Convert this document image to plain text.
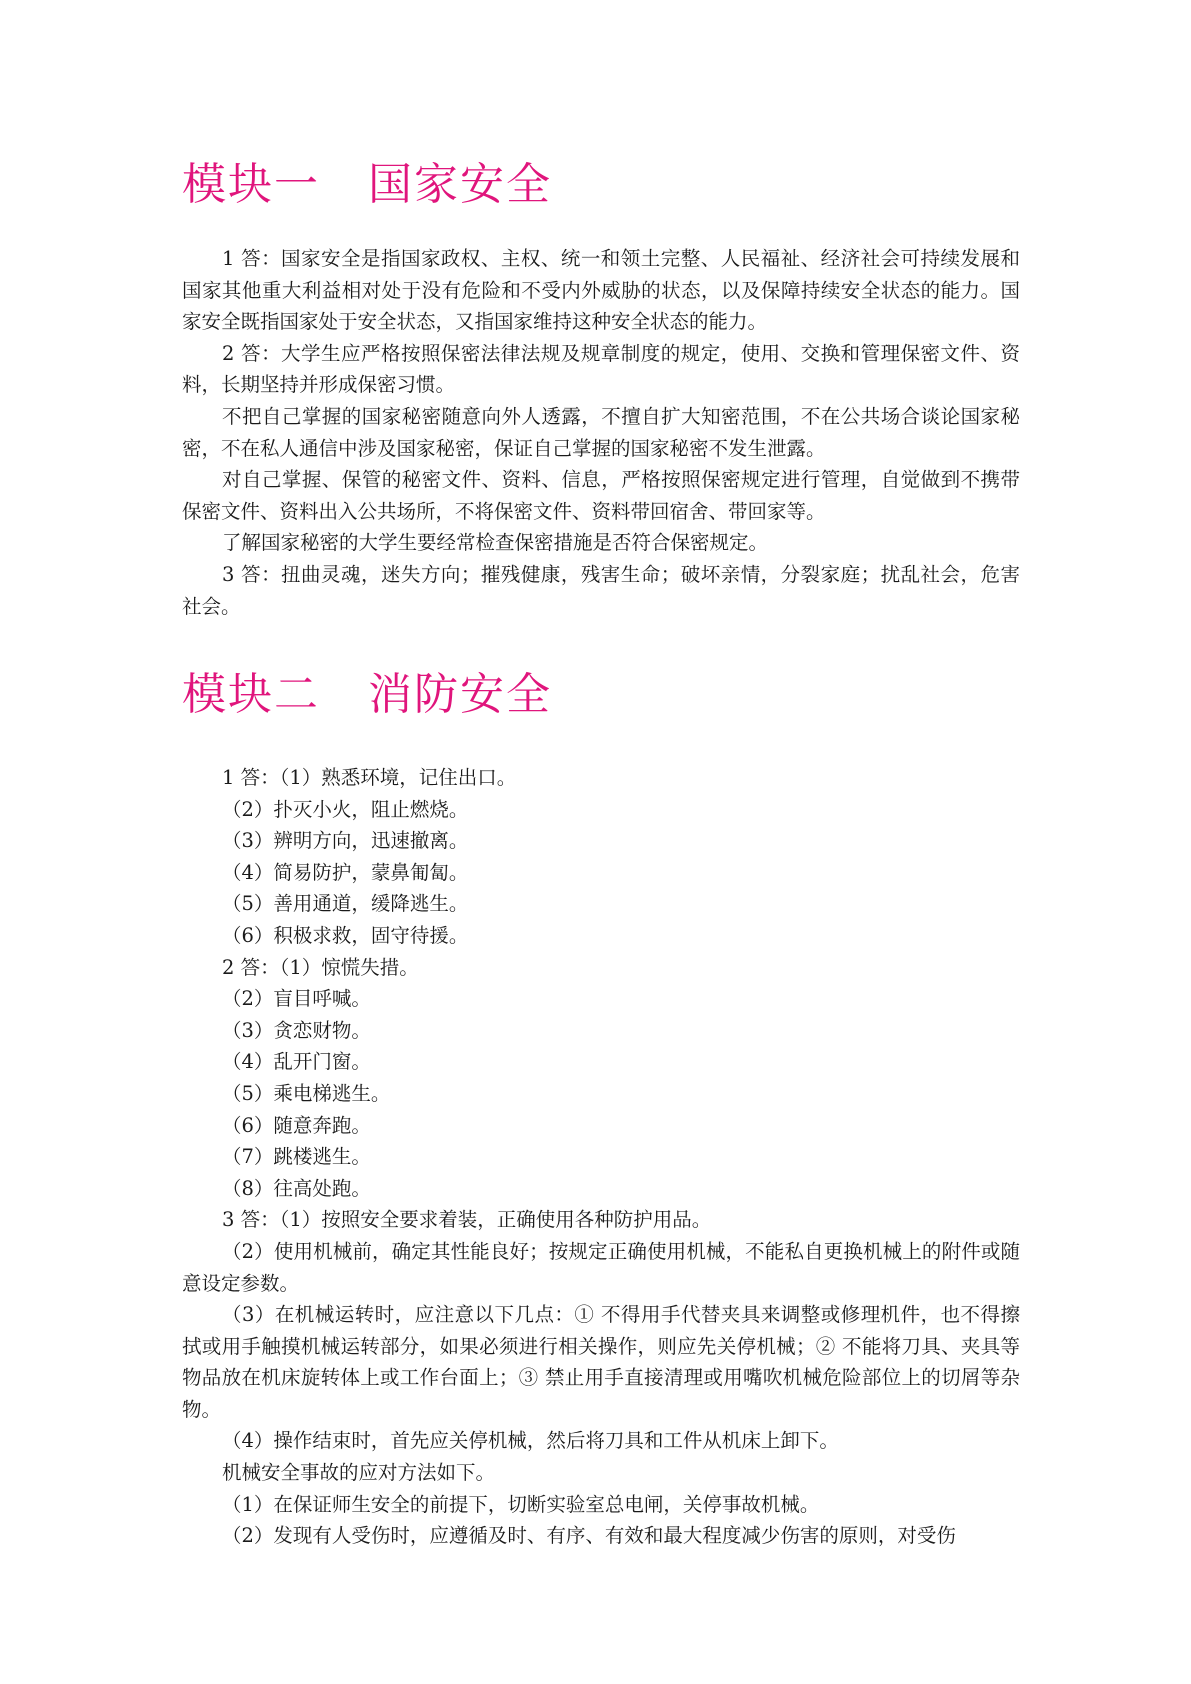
模块一 国家安全

1 答：国家安全是指国家政权、主权、统一和领土完整、人民福祉、经济社会可持续发展和国家其他重大利益相对处于没有危险和不受内外威胁的状态，以及保障持续安全状态的能力。国家安全既指国家处于安全状态，又指国家维持这种安全状态的能力。

2 答：大学生应严格按照保密法律法规及规章制度的规定，使用、交换和管理保密文件、资料，长期坚持并形成保密习惯。

不把自己掌握的国家秘密随意向外人透露，不擅自扩大知密范围，不在公共场合谈论国家秘密，不在私人通信中涉及国家秘密，保证自己掌握的国家秘密不发生泄露。

对自己掌握、保管的秘密文件、资料、信息，严格按照保密规定进行管理，自觉做到不携带保密文件、资料出入公共场所，不将保密文件、资料带回宿舍、带回家等。

了解国家秘密的大学生要经常检查保密措施是否符合保密规定。

3 答：扭曲灵魂，迷失方向；摧残健康，残害生命；破坏亲情，分裂家庭；扰乱社会，危害社会。

模块二 消防安全

1 答：（1）熟悉环境，记住出口。

（2）扑灭小火，阻止燃烧。

（3）辨明方向，迅速撤离。

（4）简易防护，蒙鼻匍匐。

（5）善用通道，缓降逃生。

（6）积极求救，固守待援。

2 答：（1）惊慌失措。

（2）盲目呼喊。

（3）贪恋财物。

（4）乱开门窗。

（5）乘电梯逃生。

（6）随意奔跑。

（7）跳楼逃生。

（8）往高处跑。

3 答：（1）按照安全要求着装，正确使用各种防护用品。

（2）使用机械前，确定其性能良好；按规定正确使用机械，不能私自更换机械上的附件或随意设定参数。

（3）在机械运转时，应注意以下几点：① 不得用手代替夹具来调整或修理机件，也不得擦拭或用手触摸机械运转部分，如果必须进行相关操作，则应先关停机械；② 不能将刀具、夹具等物品放在机床旋转体上或工作台面上；③ 禁止用手直接清理或用嘴吹机械危险部位上的切屑等杂物。

（4）操作结束时，首先应关停机械，然后将刀具和工件从机床上卸下。

机械安全事故的应对方法如下。

（1）在保证师生安全的前提下，切断实验室总电闸，关停事故机械。

（2）发现有人受伤时，应遵循及时、有序、有效和最大程度减少伤害的原则，对受伤
